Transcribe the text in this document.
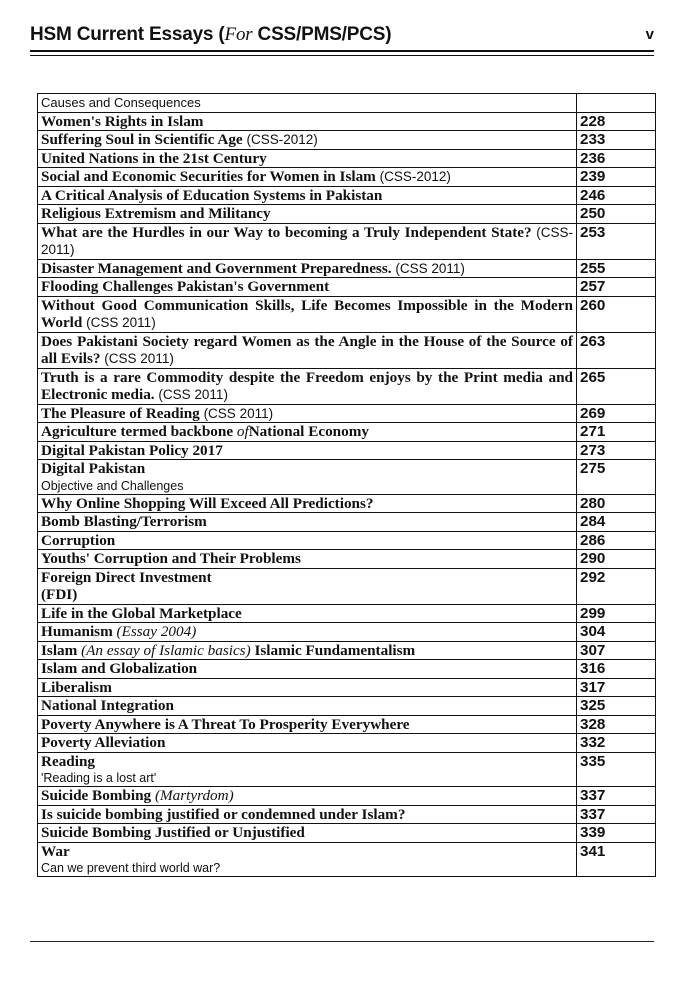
HSM Current Essays (For CSS/PMS/PCS)	v
Causes and Consequences	

Women's Rights in Islam	228

Suffering Soul in Scientific Age (CSS-2012)	233

United Nations in the 21st Century	236

Social and Economic Securities for Women in Islam (CSS-2012)	239

A Critical Analysis of Education Systems in Pakistan	246

Religious Extremism and Militancy	250

What are the Hurdles in our Way to becoming a Truly Independent State? (CSS-2011)	253

Disaster Management and Government Preparedness. (CSS 2011)	255

Flooding Challenges Pakistan's Government	257

Without Good Communication Skills, Life Becomes Impossible in the Modern World (CSS 2011)	260

Does Pakistani Society regard Women as the Angle in the House of the Source of all Evils? (CSS 2011)	263

Truth is a rare Commodity despite the Freedom enjoys by the Print media and Electronic media. (CSS 2011)	265

The Pleasure of Reading (CSS 2011)	269

Agriculture termed backbone ofNational Economy	271

Digital Pakistan Policy 2017	273

Digital Pakistan
Objective and Challenges	275

Why Online Shopping Will Exceed All Predictions?	280

Bomb Blasting/Terrorism	284

Corruption	286

Youths' Corruption and Their Problems	290

Foreign Direct Investment
(FDI)	292

Life in the Global Marketplace	299

Humanism (Essay 2004)	304

Islam (An essay of Islamic basics) Islamic Fundamentalism	307

Islam and Globalization	316

Liberalism	317

National Integration	325

Poverty Anywhere is A Threat To Prosperity Everywhere	328

Poverty Alleviation	332

Reading
'Reading is a lost art'	335

Suicide Bombing (Martyrdom)	337

Is suicide bombing justified or condemned under Islam?	337

Suicide Bombing Justified or Unjustified	339

War
Can we prevent third world war?	341
